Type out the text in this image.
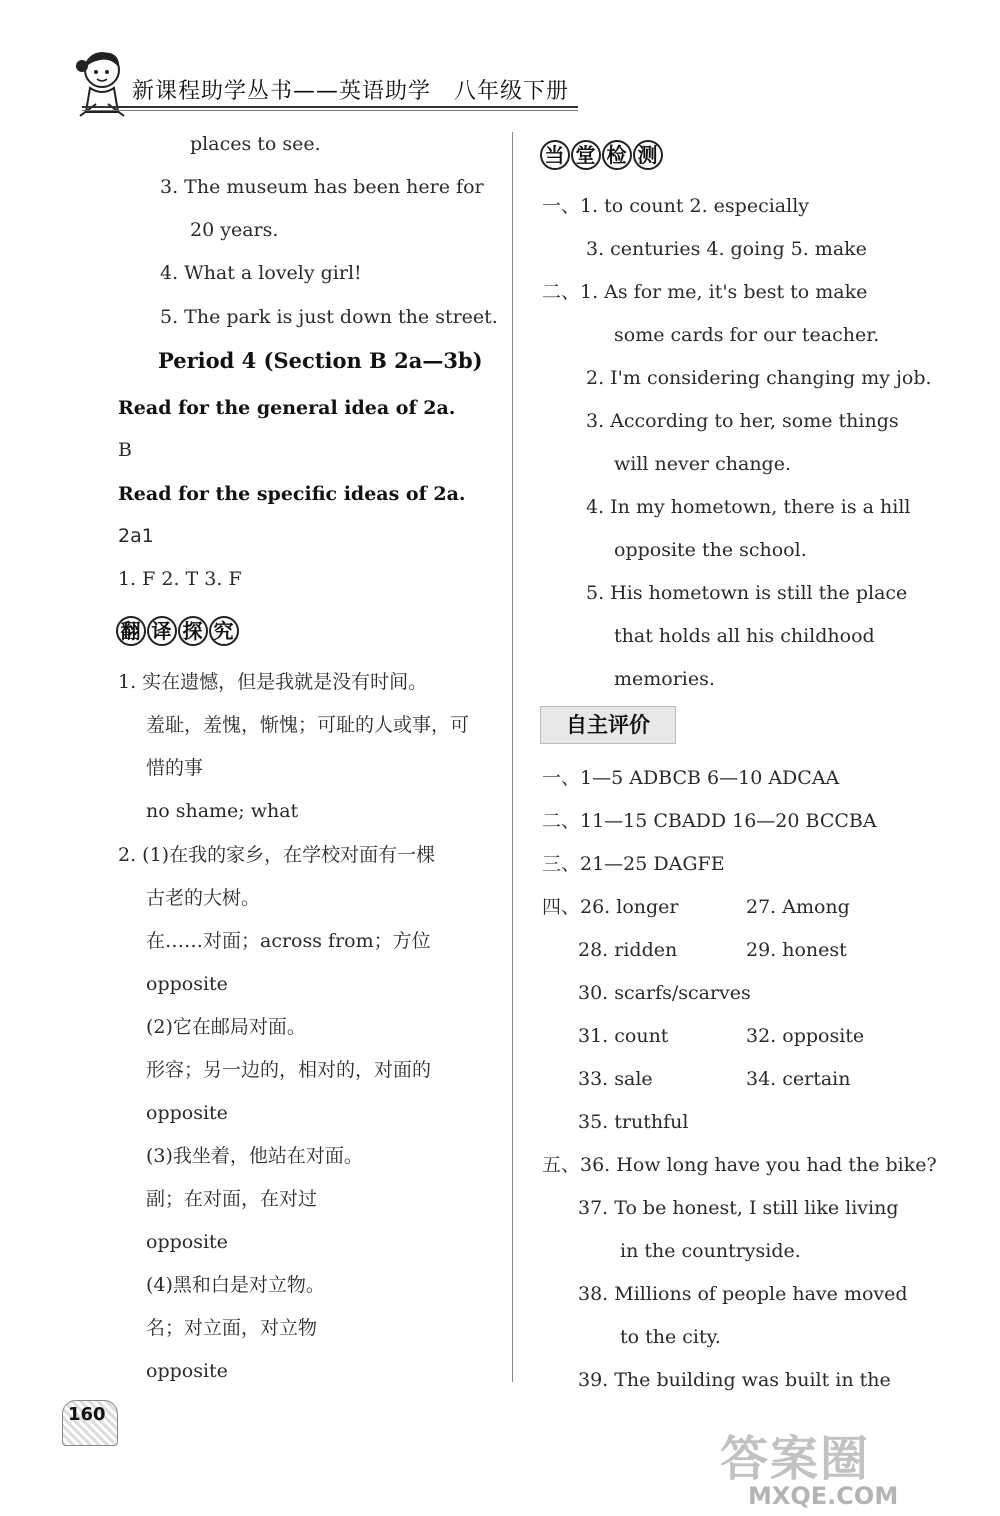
新课程助学丛书——英语助学　八年级下册
places to see.
3. The museum has been here for
20 years.
4. What a lovely girl!
5. The park is just down the street.
Period 4 (Section B 2a—3b)
Read for the general idea of 2a.
B
Read for the specific ideas of 2a.
2a1
1. F 2. T 3. F
翻 译 探 究
1. 实在遗憾，但是我就是没有时间。
羞耻，羞愧，惭愧；可耻的人或事，可
惜的事
no shame; what
2. (1)在我的家乡，在学校对面有一棵
古老的大树。
在……对面；across from；方位
opposite
(2)它在邮局对面。
形容；另一边的，相对的，对面的
opposite
(3)我坐着，他站在对面。
副；在对面，在对过
opposite
(4)黑和白是对立物。
名；对立面，对立物
opposite
当 堂 检 测
一、1. to count 2. especially
3. centuries 4. going 5. make
二、1. As for me, it's best to make
some cards for our teacher.
2. I'm considering changing my job.
3. According to her, some things
will never change.
4. In my hometown, there is a hill
opposite the school.
5. His hometown is still the place
that holds all his childhood
memories.
自主评价
一、1—5 ADBCB 6—10 ADCAA
二、11—15 CBADD 16—20 BCCBA
三、21—25 DAGFE
四、26. longer	27. Among
28. ridden	29. honest
30. scarfs/scarves
31. count	32. opposite
33. sale	34. certain
35. truthful
五、36. How long have you had the bike?
37. To be honest, I still like living
in the countryside.
38. Millions of people have moved
to the city.
39. The building was built in the
160
答案圈
MXQE.COM
